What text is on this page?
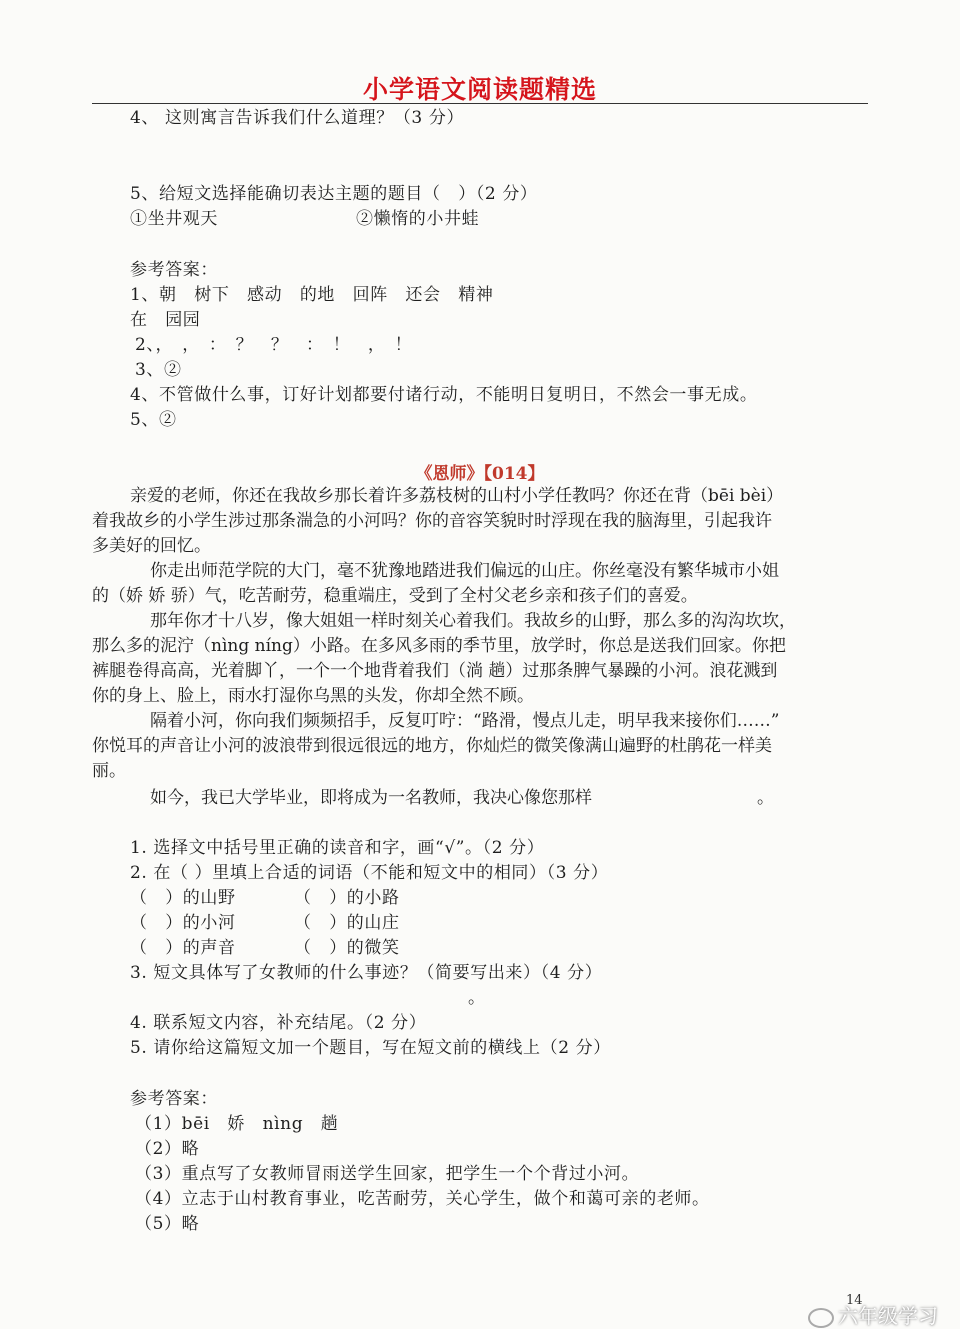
小学语文阅读题精选
4、 这则寓言告诉我们什么道理？（3 分）
5、给短文选择能确切表达主题的题目（　）（2 分）
①坐井观天	②懒惰的小井蛙
参考答案：
1、朝　树下　感动　的地　回阵　还会　精神
在　园园
2、，　，　：　？　？　：　！　，　！
3、②
4、不管做什么事，订好计划都要付诸行动，不能明日复明日，不然会一事无成。
5、②
《恩师》【014】
亲爱的老师，你还在我故乡那长着许多荔枝树的山村小学任教吗？你还在背（bēi bèi）
着我故乡的小学生涉过那条湍急的小河吗？你的音容笑貌时时浮现在我的脑海里，引起我许
多美好的回忆。
你走出师范学院的大门，毫不犹豫地踏进我们偏远的山庄。你丝毫没有繁华城市小姐
的（娇 娇 骄）气，吃苦耐劳，稳重端庄，受到了全村父老乡亲和孩子们的喜爱。
那年你才十八岁，像大姐姐一样时刻关心着我们。我故乡的山野，那么多的沟沟坎坎，
那么多的泥泞（nìng níng）小路。在多风多雨的季节里，放学时，你总是送我们回家。你把
裤腿卷得高高，光着脚丫，一个一个地背着我们（淌 趟）过那条脾气暴躁的小河。浪花溅到
你的身上、脸上，雨水打湿你乌黑的头发，你却全然不顾。
隔着小河，你向我们频频招手，反复叮咛：“路滑，慢点儿走，明早我来接你们……”
你悦耳的声音让小河的波浪带到很远很远的地方，你灿烂的微笑像满山遍野的杜鹃花一样美
丽。
如今，我已大学毕业，即将成为一名教师，我决心像您那样	。
1. 选择文中括号里正确的读音和字，画“√”。（2 分）
2. 在（ ）里填上合适的词语（不能和短文中的相同）（3 分）
（　）的山野	（　）的小路
（　）的小河	（　）的山庄
（　）的声音	（　）的微笑
3. 短文具体写了女教师的什么事迹？（简要写出来）（4 分）
。
4. 联系短文内容，补充结尾。（2 分）
5. 请你给这篇短文加一个题目，写在短文前的横线上（2 分）
参考答案：
（1）bēi　娇　nìng　趟
（2）略
（3）重点写了女教师冒雨送学生回家，把学生一个个背过小河。
（4）立志于山村教育事业，吃苦耐劳，关心学生，做个和蔼可亲的老师。
（5）略
14
六年级学习
